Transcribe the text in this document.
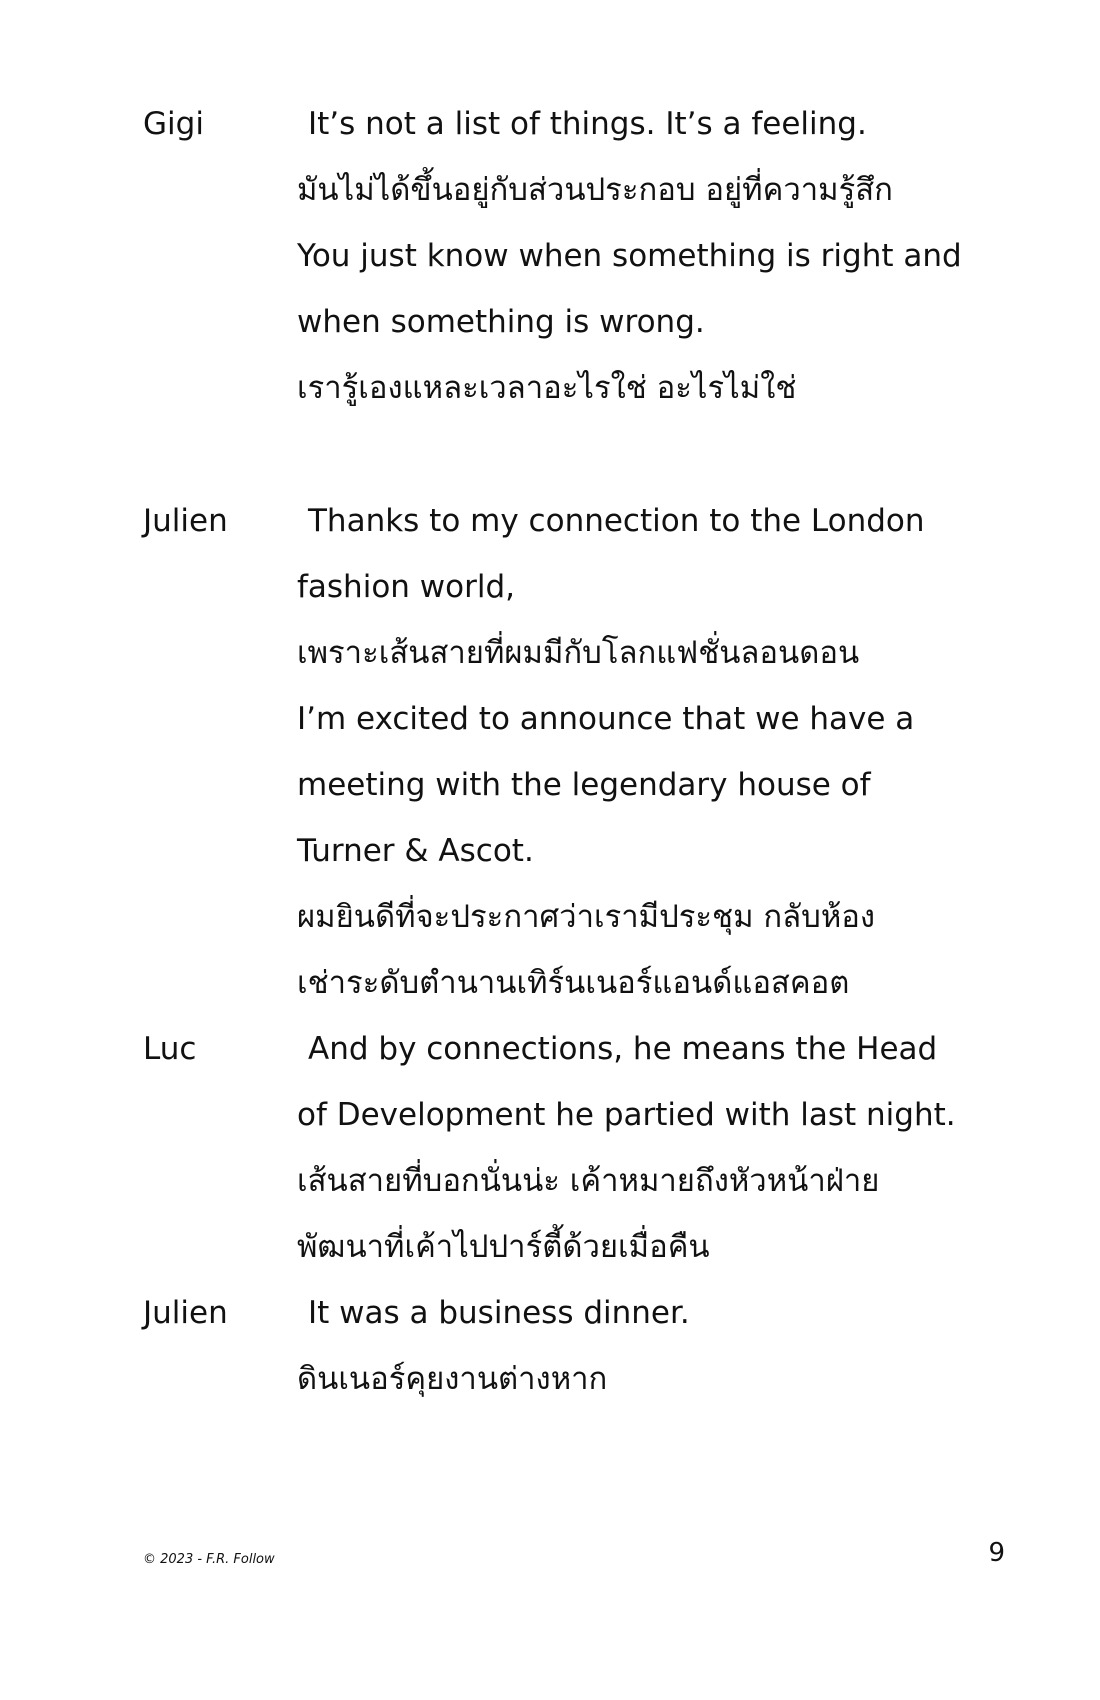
Gigi	It’s not a list of things. It’s a feeling.
มันไม่ได้ขึ้นอยู่กับส่วนประกอบ อยู่ที่ความรู้สึก
You just know when something is right and
when something is wrong.
เรารู้เองแหละเวลาอะไรใช่ อะไรไม่ใช่
Julien	Thanks to my connection to the London
fashion world,
เพราะเส้นสายที่ผมมีกับโลกแฟชั่นลอนดอน
I’m excited to announce that we have a
meeting with the legendary house of
Turner & Ascot.
ผมยินดีที่จะประกาศว่าเรามีประชุม กลับห้อง
เช่าระดับตำนานเทิร์นเนอร์แอนด์แอสคอต
Luc	And by connections, he means the Head
of Development he partied with last night.
เส้นสายที่บอกนั่นน่ะ เค้าหมายถึงหัวหน้าฝ่าย
พัฒนาที่เค้าไปปาร์ตี้ด้วยเมื่อคืน
Julien	It was a business dinner.
ดินเนอร์คุยงานต่างหาก
© 2023 - F.R. Follow	9
